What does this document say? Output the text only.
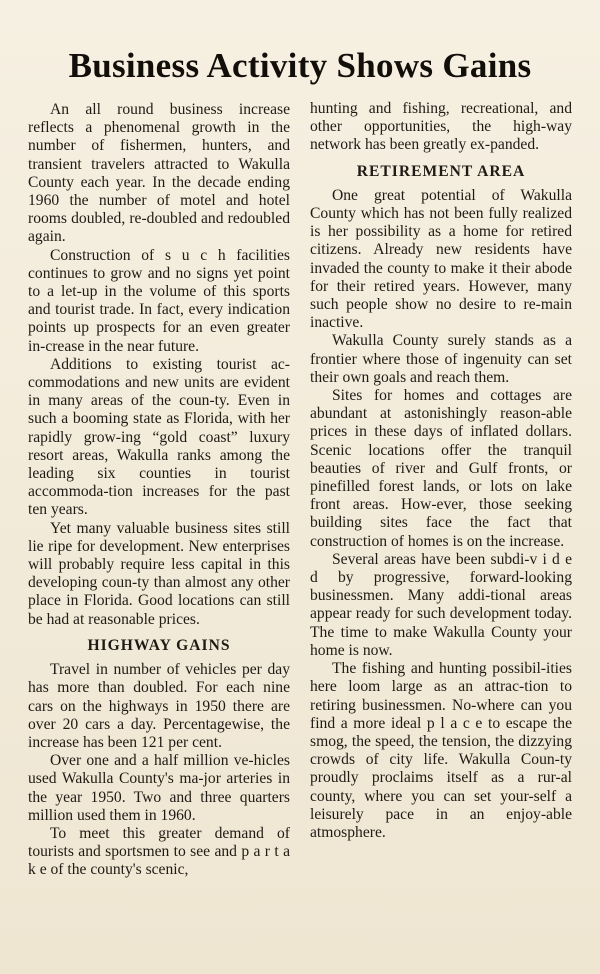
Business Activity Shows Gains

An all round business increase reflects a phenomenal growth in the number of fishermen, hunters, and transient travelers attracted to Wakulla County each year. In the decade ending 1960 the number of motel and hotel rooms doubled, re-doubled and redoubled again.

Construction of s u c h facilities continues to grow and no signs yet point to a let-up in the volume of this sports and tourist trade. In fact, every indication points up prospects for an even greater in-crease in the near future.

Additions to existing tourist ac-commodations and new units are evident in many areas of the coun-ty. Even in such a booming state as Florida, with her rapidly grow-ing “gold coast” luxury resort areas, Wakulla ranks among the leading six counties in tourist accommoda-tion increases for the past ten years.

Yet many valuable business sites still lie ripe for development. New enterprises will probably require less capital in this developing coun-ty than almost any other place in Florida. Good locations can still be had at reasonable prices.

HIGHWAY GAINS

Travel in number of vehicles per day has more than doubled. For each nine cars on the highways in 1950 there are over 20 cars a day. Percentagewise, the increase has been 121 per cent.

Over one and a half million ve-hicles used Wakulla County's ma-jor arteries in the year 1950. Two and three quarters million used them in 1960.

To meet this greater demand of tourists and sportsmen to see and p a r t a k e of the county's scenic,

hunting and fishing, recreational, and other opportunities, the high-way network has been greatly ex-panded.

RETIREMENT AREA

One great potential of Wakulla County which has not been fully realized is her possibility as a home for retired citizens. Already new residents have invaded the county to make it their abode for their retired years. However, many such people show no desire to re-main inactive.

Wakulla County surely stands as a frontier where those of ingenuity can set their own goals and reach them.

Sites for homes and cottages are abundant at astonishingly reason-able prices in these days of inflated dollars. Scenic locations offer the tranquil beauties of river and Gulf fronts, or pinefilled forest lands, or lots on lake front areas. How-ever, those seeking building sites face the fact that construction of homes is on the increase.

Several areas have been subdi-v i d e d by progressive, forward-looking businessmen. Many addi-tional areas appear ready for such development today. The time to make Wakulla County your home is now.

The fishing and hunting possibil-ities here loom large as an attrac-tion to retiring businessmen. No-where can you find a more ideal p l a c e to escape the smog, the speed, the tension, the dizzying crowds of city life. Wakulla Coun-ty proudly proclaims itself as a rur-al county, where you can set your-self a leisurely pace in an enjoy-able atmosphere.
